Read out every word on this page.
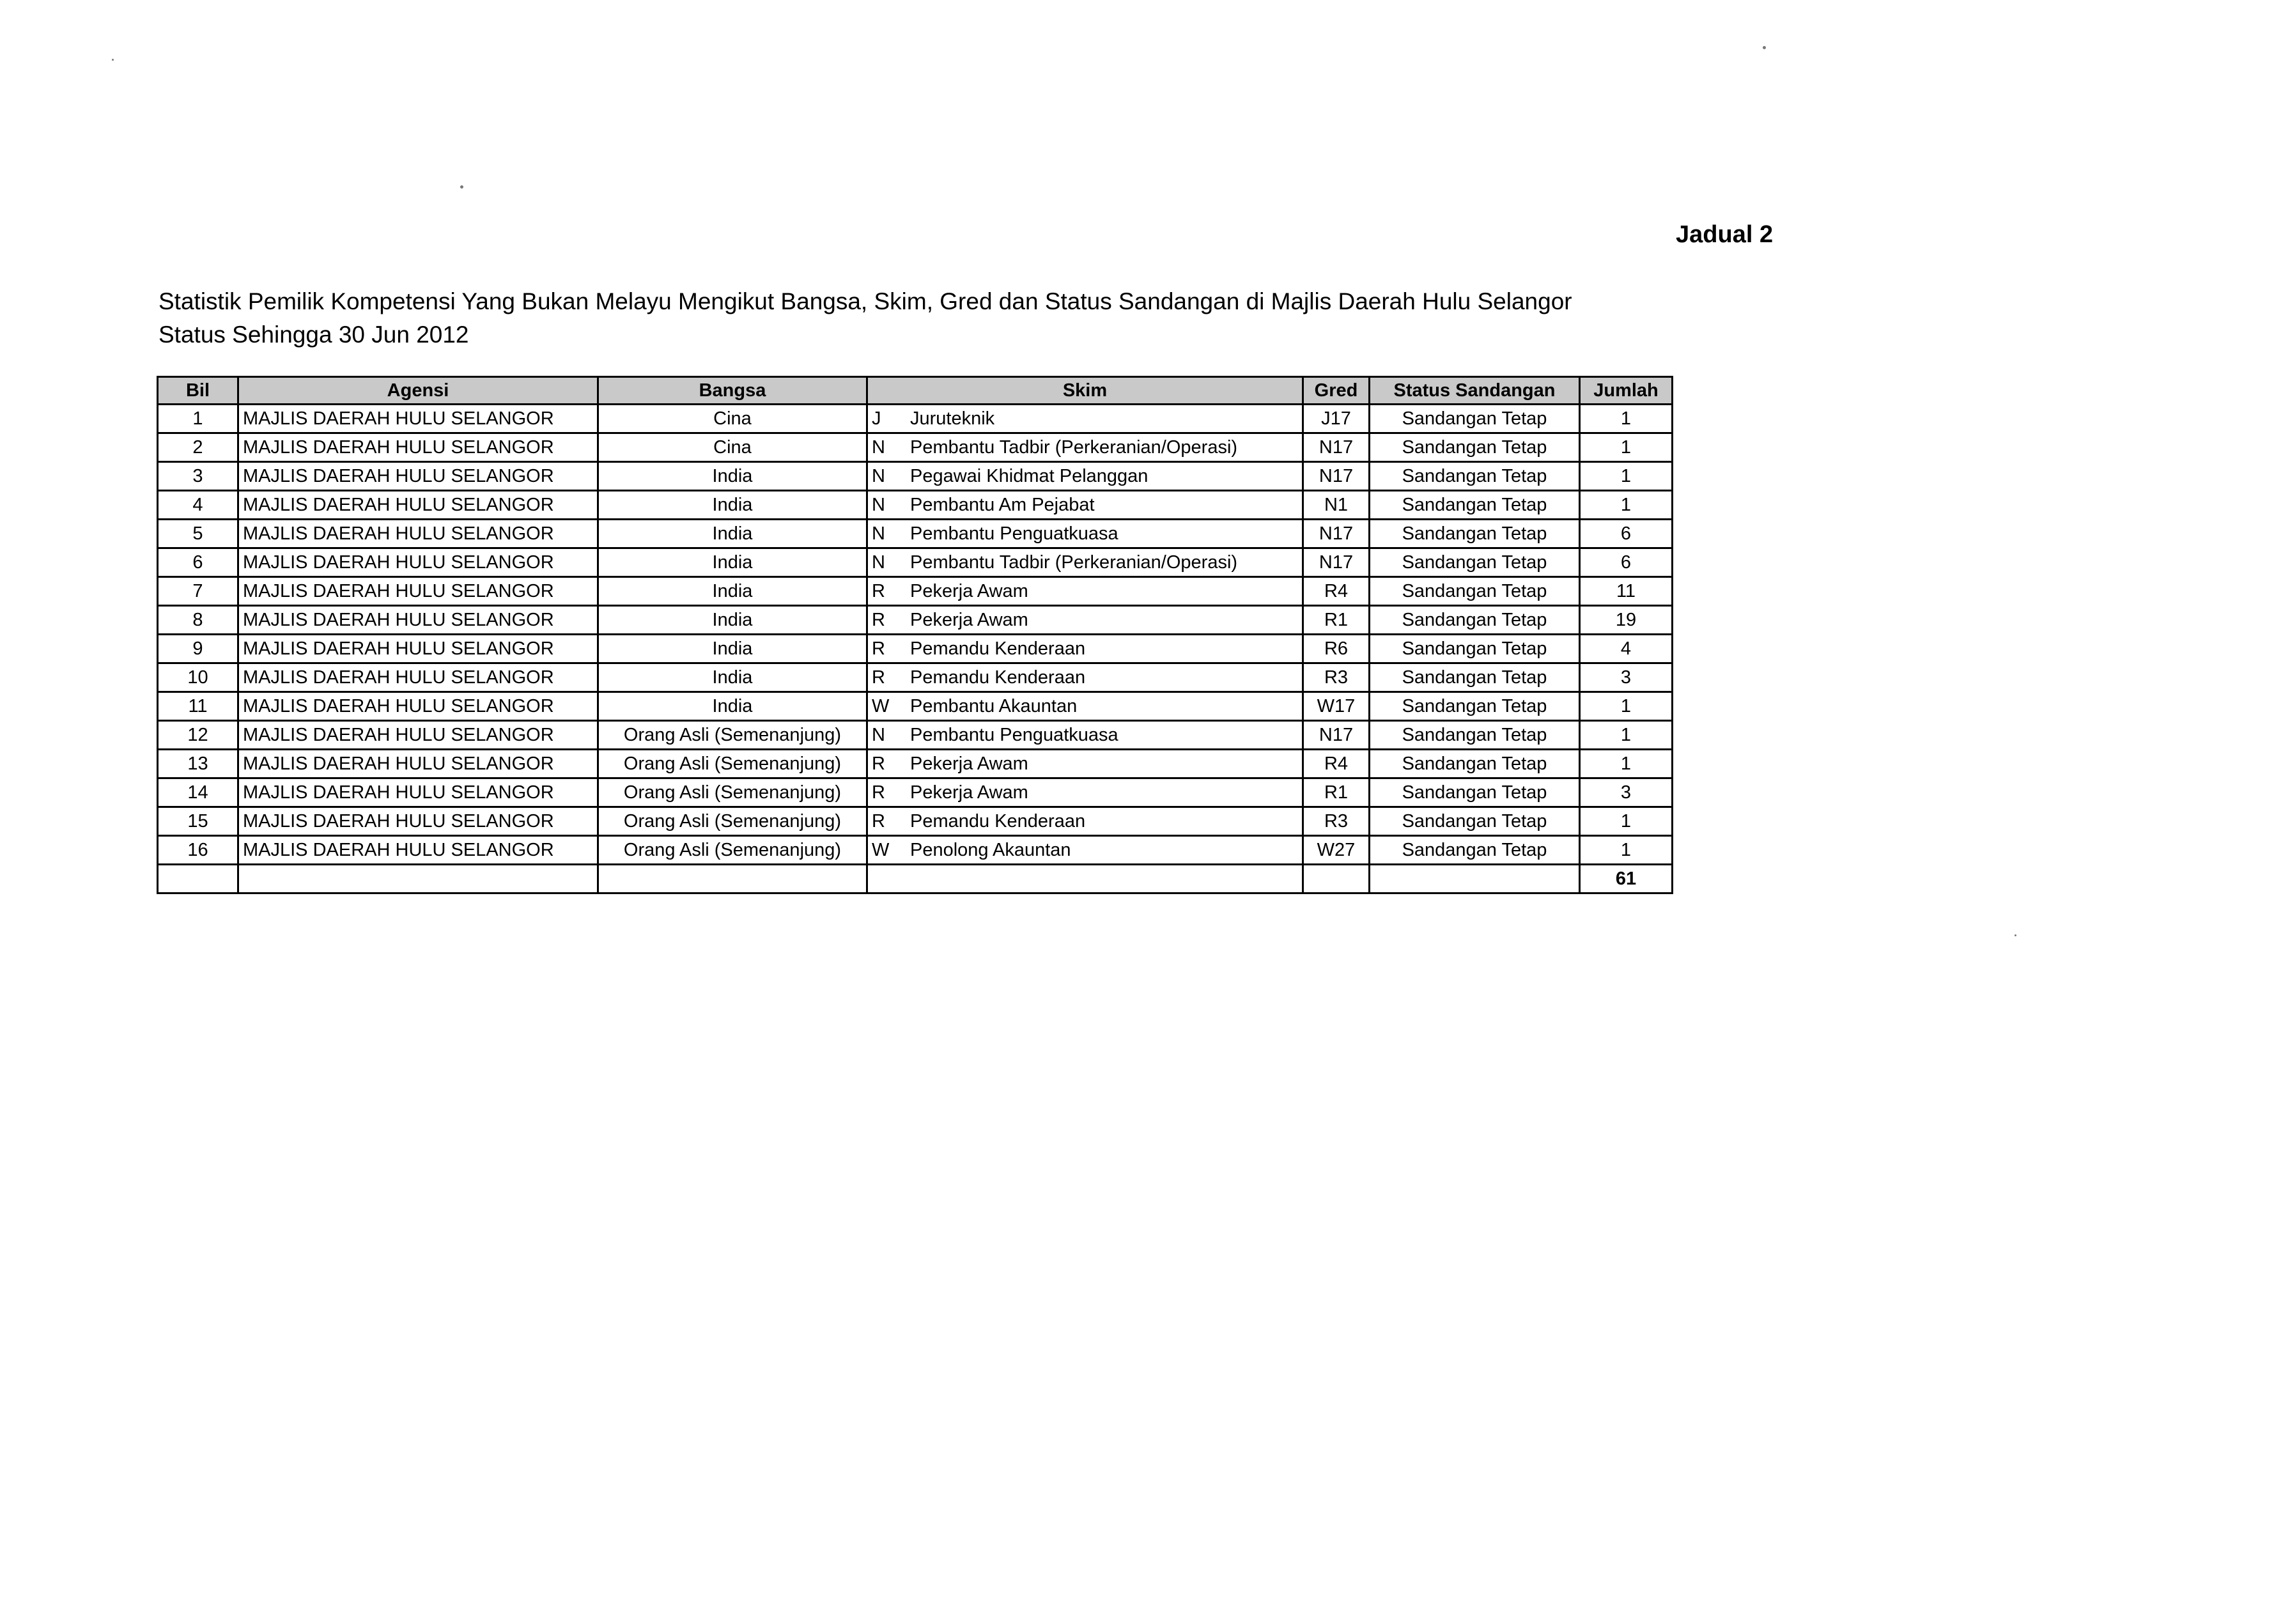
Jadual 2
Statistik Pemilik Kompetensi Yang Bukan Melayu Mengikut Bangsa, Skim, Gred dan Status Sandangan di Majlis Daerah Hulu Selangor
Status Sehingga 30 Jun 2012
Bil	Agensi	Bangsa	Skim	Gred	Status Sandangan	Jumlah
1	MAJLIS DAERAH HULU SELANGOR	Cina	J Juruteknik	J17	Sandangan Tetap	1
2	MAJLIS DAERAH HULU SELANGOR	Cina	N Pembantu Tadbir (Perkeranian/Operasi)	N17	Sandangan Tetap	1
3	MAJLIS DAERAH HULU SELANGOR	India	N Pegawai Khidmat Pelanggan	N17	Sandangan Tetap	1
4	MAJLIS DAERAH HULU SELANGOR	India	N Pembantu Am Pejabat	N1	Sandangan Tetap	1
5	MAJLIS DAERAH HULU SELANGOR	India	N Pembantu Penguatkuasa	N17	Sandangan Tetap	6
6	MAJLIS DAERAH HULU SELANGOR	India	N Pembantu Tadbir (Perkeranian/Operasi)	N17	Sandangan Tetap	6
7	MAJLIS DAERAH HULU SELANGOR	India	R Pekerja Awam	R4	Sandangan Tetap	11
8	MAJLIS DAERAH HULU SELANGOR	India	R Pekerja Awam	R1	Sandangan Tetap	19
9	MAJLIS DAERAH HULU SELANGOR	India	R Pemandu Kenderaan	R6	Sandangan Tetap	4
10	MAJLIS DAERAH HULU SELANGOR	India	R Pemandu Kenderaan	R3	Sandangan Tetap	3
11	MAJLIS DAERAH HULU SELANGOR	India	W Pembantu Akauntan	W17	Sandangan Tetap	1
12	MAJLIS DAERAH HULU SELANGOR	Orang Asli (Semenanjung)	N Pembantu Penguatkuasa	N17	Sandangan Tetap	1
13	MAJLIS DAERAH HULU SELANGOR	Orang Asli (Semenanjung)	R Pekerja Awam	R4	Sandangan Tetap	1
14	MAJLIS DAERAH HULU SELANGOR	Orang Asli (Semenanjung)	R Pekerja Awam	R1	Sandangan Tetap	3
15	MAJLIS DAERAH HULU SELANGOR	Orang Asli (Semenanjung)	R Pemandu Kenderaan	R3	Sandangan Tetap	1
16	MAJLIS DAERAH HULU SELANGOR	Orang Asli (Semenanjung)	W Penolong Akauntan	W27	Sandangan Tetap	1
						61
